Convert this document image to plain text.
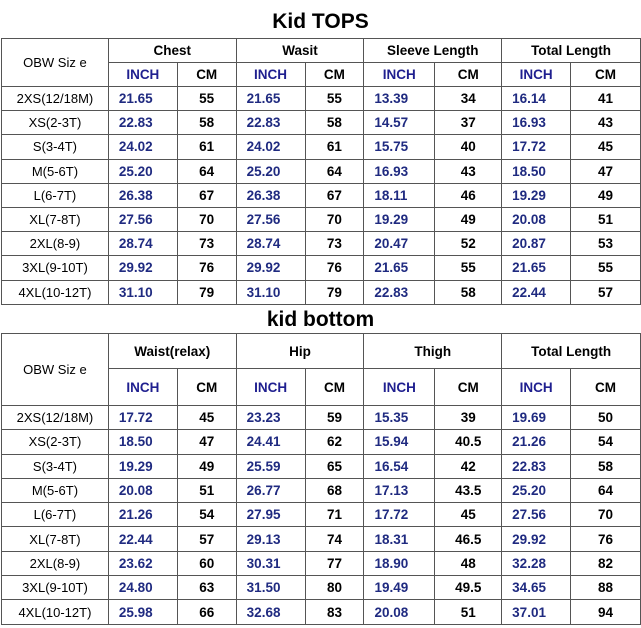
Kid TOPS
OBW Siz e	Chest		Wasit		Sleeve Length		Total Length	
	INCH	CM	INCH	CM	INCH	CM	INCH	CM
2XS(12/18M)	21.65	55	21.65	55	13.39	34	16.14	41
XS(2-3T)	22.83	58	22.83	58	14.57	37	16.93	43
S(3-4T)	24.02	61	24.02	61	15.75	40	17.72	45
M(5-6T)	25.20	64	25.20	64	16.93	43	18.50	47
L(6-7T)	26.38	67	26.38	67	18.11	46	19.29	49
XL(7-8T)	27.56	70	27.56	70	19.29	49	20.08	51
2XL(8-9)	28.74	73	28.74	73	20.47	52	20.87	53
3XL(9-10T)	29.92	76	29.92	76	21.65	55	21.65	55
4XL(10-12T)	31.10	79	31.10	79	22.83	58	22.44	57
kid bottom
OBW Siz e	Waist(relax)		Hip		Thigh		Total Length	
	INCH	CM	INCH	CM	INCH	CM	INCH	CM
2XS(12/18M)	17.72	45	23.23	59	15.35	39	19.69	50
XS(2-3T)	18.50	47	24.41	62	15.94	40.5	21.26	54
S(3-4T)	19.29	49	25.59	65	16.54	42	22.83	58
M(5-6T)	20.08	51	26.77	68	17.13	43.5	25.20	64
L(6-7T)	21.26	54	27.95	71	17.72	45	27.56	70
XL(7-8T)	22.44	57	29.13	74	18.31	46.5	29.92	76
2XL(8-9)	23.62	60	30.31	77	18.90	48	32.28	82
3XL(9-10T)	24.80	63	31.50	80	19.49	49.5	34.65	88
4XL(10-12T)	25.98	66	32.68	83	20.08	51	37.01	94
